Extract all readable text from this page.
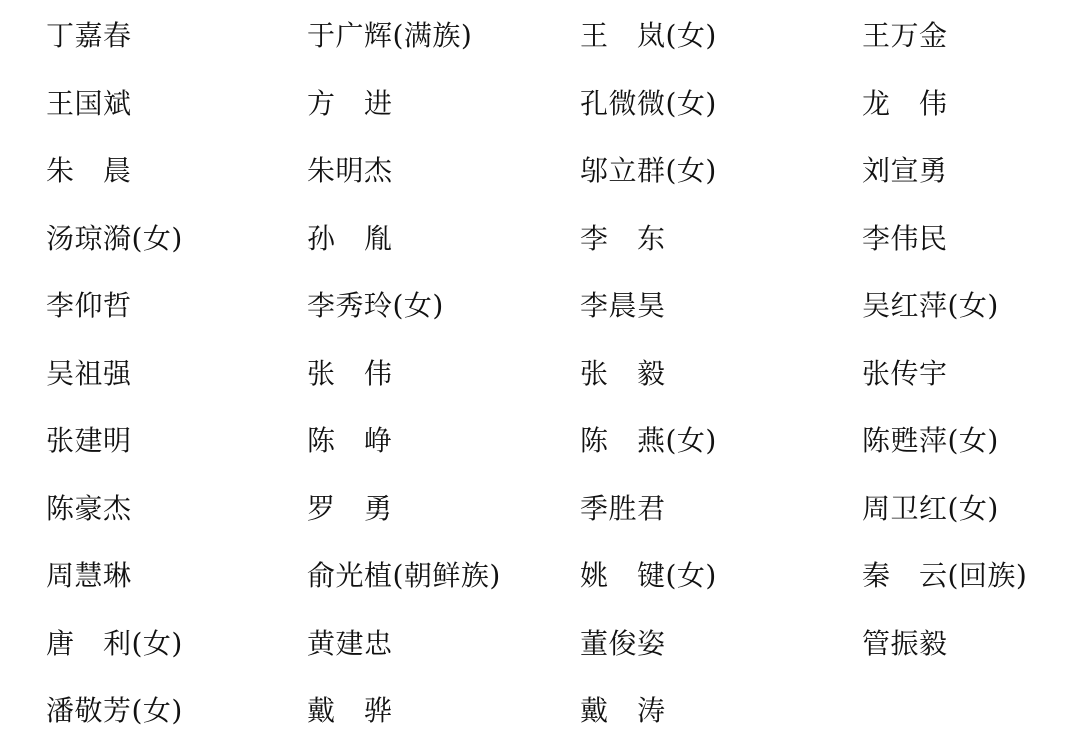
丁嘉春	于广辉(满族)	王　岚(女)	王万金
王国斌	方　进	孔微微(女)	龙　伟
朱　晨	朱明杰	邬立群(女)	刘宣勇
汤琼漪(女)	孙　胤	李　东	李伟民
李仰哲	李秀玲(女)	李晨昊	吴红萍(女)
吴祖强	张　伟	张　毅	张传宇
张建明	陈　峥	陈　燕(女)	陈甦萍(女)
陈豪杰	罗　勇	季胜君	周卫红(女)
周慧琳	俞光植(朝鲜族)	姚　键(女)	秦　云(回族)
唐　利(女)	黄建忠	董俊姿	管振毅
潘敬芳(女)	戴　骅	戴　涛
